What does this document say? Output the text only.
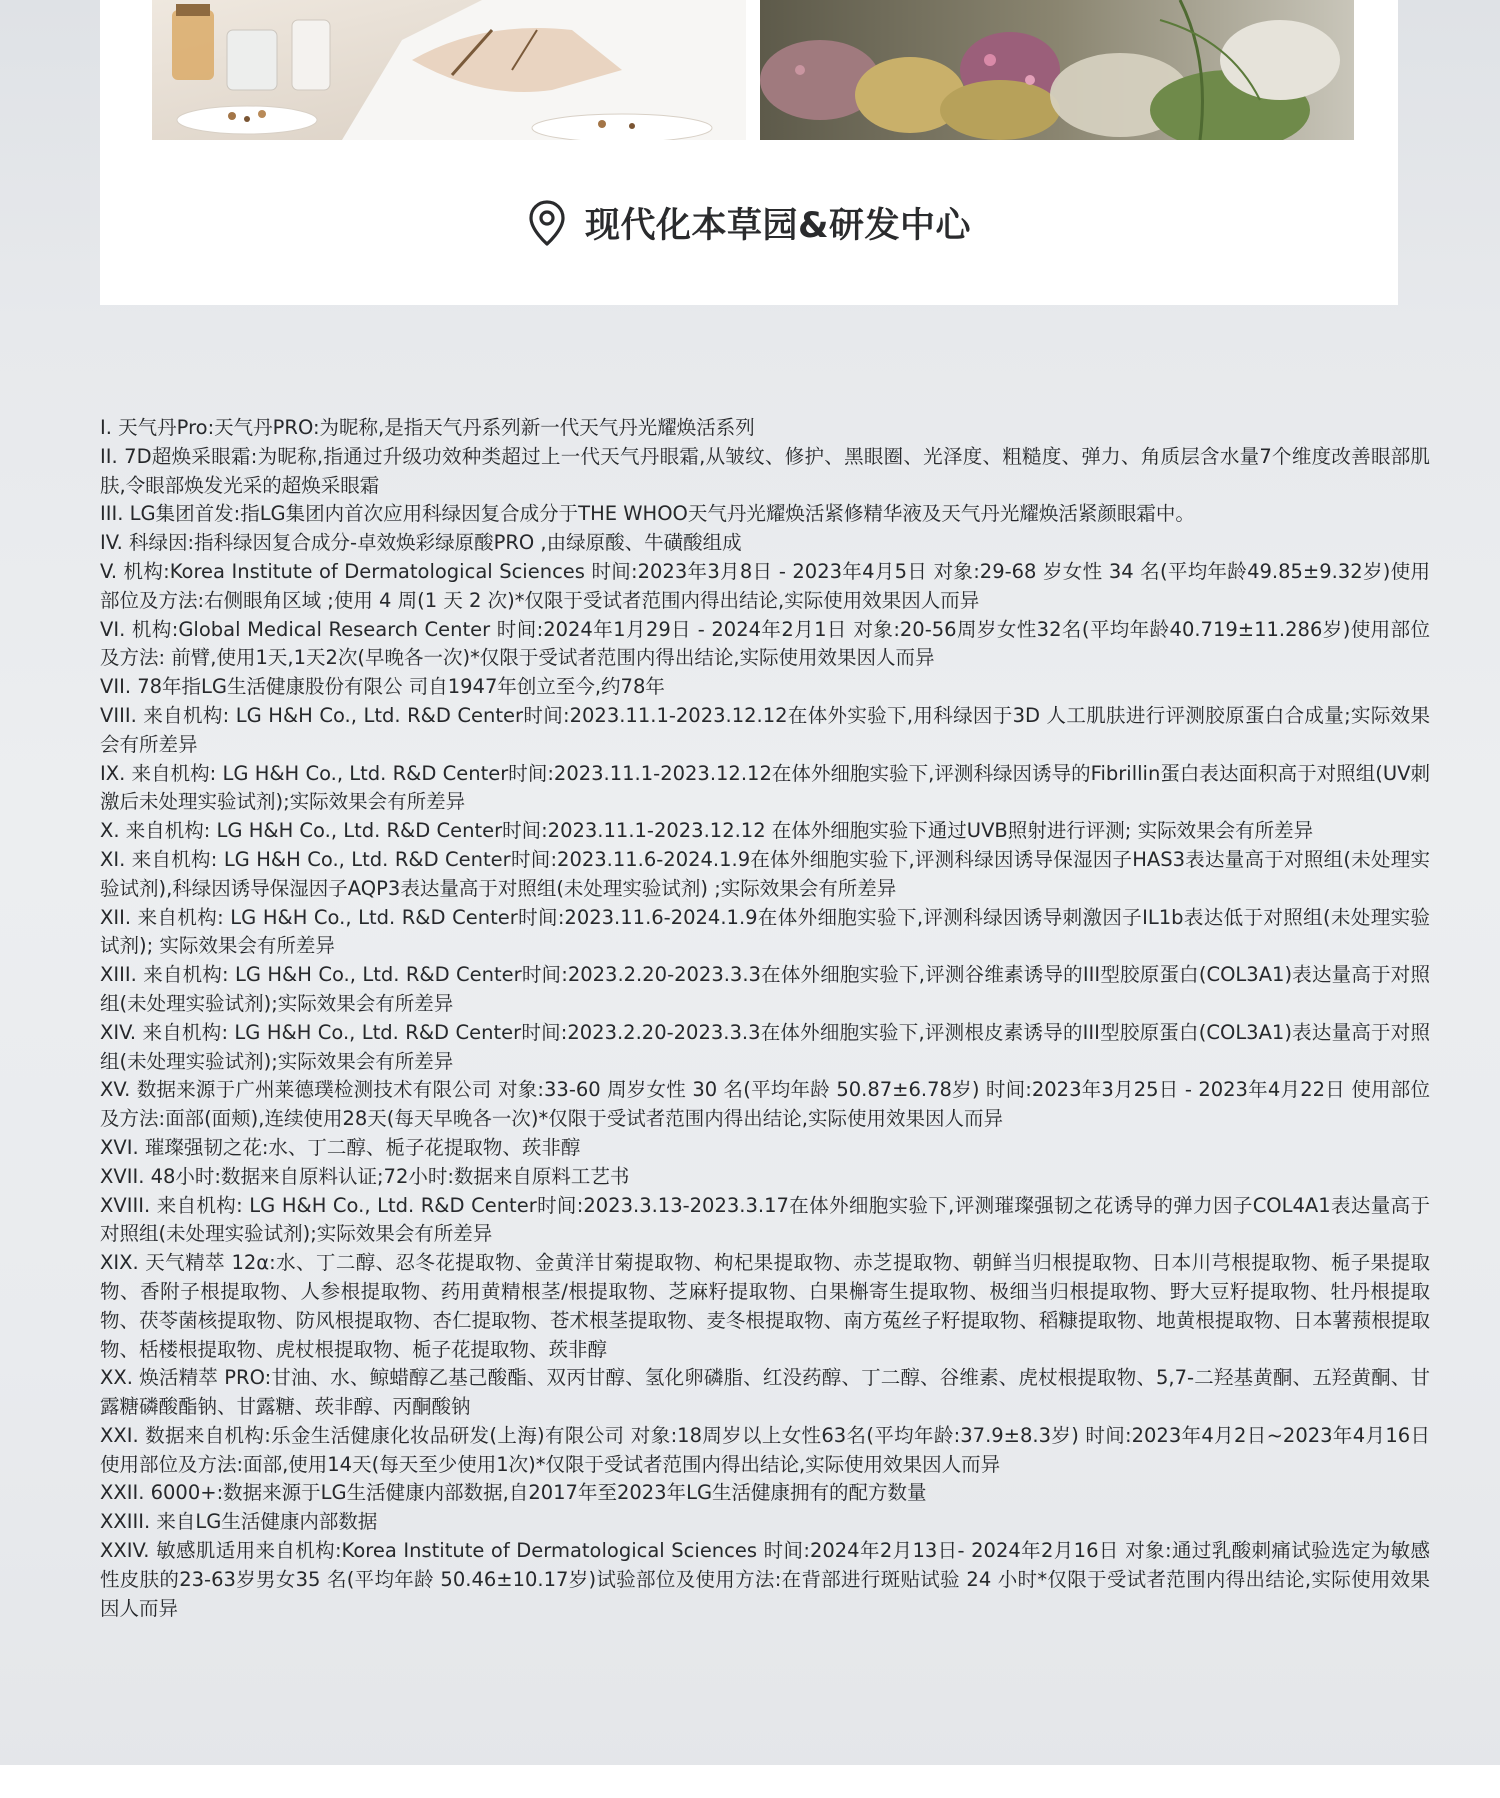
现代化本草园&研发中心
I. 天气丹Pro:天气丹PRO:为昵称,是指天气丹系列新一代天气丹光耀焕活系列
II. 7D超焕采眼霜:为昵称,指通过升级功效种类超过上一代天气丹眼霜,从皱纹、修护、黑眼圈、光泽度、粗糙度、弹力、角质层含水量7个维度改善眼部肌肤,令眼部焕发光采的超焕采眼霜
III. LG集团首发:指LG集团内首次应用科绿因复合成分于THE WHOO天气丹光耀焕活紧修精华液及天气丹光耀焕活紧颜眼霜中。
IV. 科绿因:指科绿因复合成分-卓效焕彩绿原酸PRO ,由绿原酸、牛磺酸组成
V. 机构:Korea Institute of Dermatological Sciences 时间:2023年3月8日 - 2023年4月5日 对象:29-68 岁女性 34 名(平均年龄49.85±9.32岁)使用部位及方法:右侧眼角区域 ;使用 4 周(1 天 2 次)*仅限于受试者范围内得出结论,实际使用效果因人而异
VI. 机构:Global Medical Research Center 时间:2024年1月29日 - 2024年2月1日 对象:20-56周岁女性32名(平均年龄40.719±11.286岁)使用部位及方法: 前臂,使用1天,1天2次(早晚各一次)*仅限于受试者范围内得出结论,实际使用效果因人而异
VII. 78年指LG生活健康股份有限公 司自1947年创立至今,约78年
VIII. 来自机构: LG H&H Co., Ltd. R&D Center时间:2023.11.1-2023.12.12在体外实验下,用科绿因于3D 人工肌肤进行评测胶原蛋白合成量;实际效果会有所差异
IX. 来自机构: LG H&H Co., Ltd. R&D Center时间:2023.11.1-2023.12.12在体外细胞实验下,评测科绿因诱导的Fibrillin蛋白表达面积高于对照组(UV刺激后未处理实验试剂);实际效果会有所差异
X. 来自机构: LG H&H Co., Ltd. R&D Center时间:2023.11.1-2023.12.12 在体外细胞实验下通过UVB照射进行评测; 实际效果会有所差异
XI. 来自机构: LG H&H Co., Ltd. R&D Center时间:2023.11.6-2024.1.9在体外细胞实验下,评测科绿因诱导保湿因子HAS3表达量高于对照组(未处理实验试剂),科绿因诱导保湿因子AQP3表达量高于对照组(未处理实验试剂) ;实际效果会有所差异
XII. 来自机构: LG H&H Co., Ltd. R&D Center时间:2023.11.6-2024.1.9在体外细胞实验下,评测科绿因诱导刺激因子IL1b表达低于对照组(未处理实验试剂); 实际效果会有所差异
XIII. 来自机构: LG H&H Co., Ltd. R&D Center时间:2023.2.20-2023.3.3在体外细胞实验下,评测谷维素诱导的III型胶原蛋白(COL3A1)表达量高于对照组(未处理实验试剂);实际效果会有所差异
XIV. 来自机构: LG H&H Co., Ltd. R&D Center时间:2023.2.20-2023.3.3在体外细胞实验下,评测根皮素诱导的III型胶原蛋白(COL3A1)表达量高于对照组(未处理实验试剂);实际效果会有所差异
XV. 数据来源于广州莱德璞检测技术有限公司 对象:33-60 周岁女性 30 名(平均年龄 50.87±6.78岁) 时间:2023年3月25日 - 2023年4月22日 使用部位及方法:面部(面颊),连续使用28天(每天早晚各一次)*仅限于受试者范围内得出结论,实际使用效果因人而异
XVI. 璀璨强韧之花:水、丁二醇、栀子花提取物、莰非醇
XVII. 48小时:数据来自原料认证;72小时:数据来自原料工艺书
XVIII. 来自机构: LG H&H Co., Ltd. R&D Center时间:2023.3.13-2023.3.17在体外细胞实验下,评测璀璨强韧之花诱导的弹力因子COL4A1表达量高于对照组(未处理实验试剂);实际效果会有所差异
XIX. 天气精萃 12α:水、丁二醇、忍冬花提取物、金黄洋甘菊提取物、枸杞果提取物、赤芝提取物、朝鲜当归根提取物、日本川芎根提取物、栀子果提取物、香附子根提取物、人参根提取物、药用黄精根茎/根提取物、芝麻籽提取物、白果槲寄生提取物、极细当归根提取物、野大豆籽提取物、牡丹根提取物、茯苓菌核提取物、防风根提取物、杏仁提取物、苍术根茎提取物、麦冬根提取物、南方菟丝子籽提取物、稻糠提取物、地黄根提取物、日本薯蓣根提取物、栝楼根提取物、虎杖根提取物、栀子花提取物、莰非醇
XX. 焕活精萃 PRO:甘油、水、鲸蜡醇乙基己酸酯、双丙甘醇、氢化卵磷脂、红没药醇、丁二醇、谷维素、虎杖根提取物、5,7-二羟基黄酮、五羟黄酮、甘露糖磷酸酯钠、甘露糖、莰非醇、丙酮酸钠
XXI. 数据来自机构:乐金生活健康化妆品研发(上海)有限公司 对象:18周岁以上女性63名(平均年龄:37.9±8.3岁) 时间:2023年4月2日~2023年4月16日 使用部位及方法:面部,使用14天(每天至少使用1次)*仅限于受试者范围内得出结论,实际使用效果因人而异
XXII. 6000+:数据来源于LG生活健康内部数据,自2017年至2023年LG生活健康拥有的配方数量
XXIII. 来自LG生活健康内部数据
XXIV. 敏感肌适用来自机构:Korea Institute of Dermatological Sciences 时间:2024年2月13日- 2024年2月16日 对象:通过乳酸刺痛试验选定为敏感性皮肤的23-63岁男女35 名(平均年龄 50.46±10.17岁)试验部位及使用方法:在背部进行斑贴试验 24 小时*仅限于受试者范围内得出结论,实际使用效果因人而异
